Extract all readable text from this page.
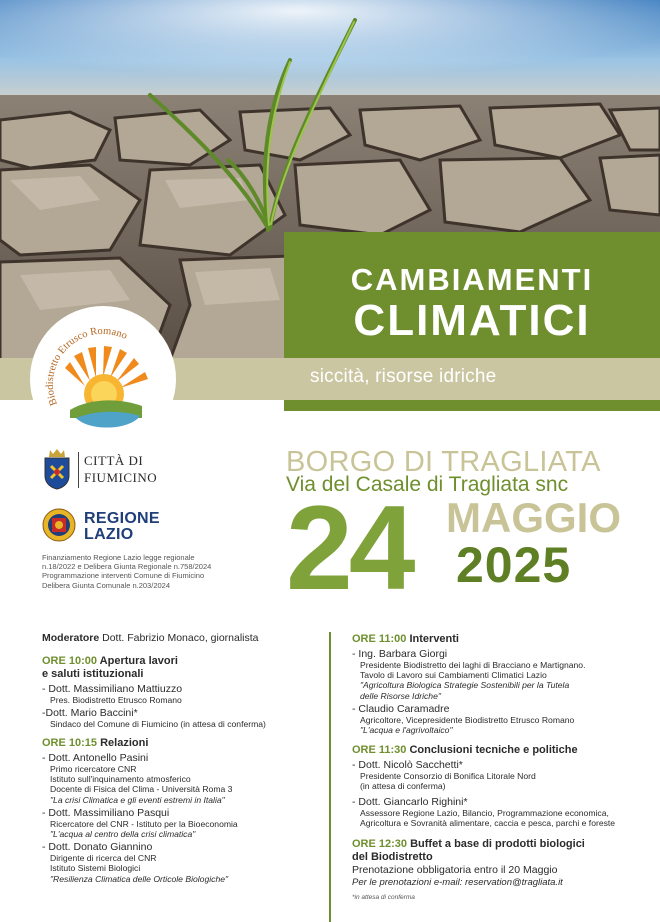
CAMBIAMENTI
CLIMATICI
siccità, risorse idriche
Biodistretto Etrusco Romano
CITTÀ DI
FIUMICINO
REGIONE
LAZIO
Finanziamento Regione Lazio legge regionale
n.18/2022 e Delibera Giunta Regionale n.758/2024
Programmazione interventi Comune di Fiumicino
Delibera Giunta Comunale n.203/2024
BORGO DI TRAGLIATA
Via del Casale di Tragliata snc
24 MAGGIO
2025
Moderatore Dott. Fabrizio Monaco, giornalista
ORE 10:00 Apertura lavori
e saluti istituzionali
- Dott. Massimiliano Mattiuzzo
Pres. Biodistretto Etrusco Romano
-Dott. Mario Baccini*
Sindaco del Comune di Fiumicino (in attesa di conferma)
ORE 10:15 Relazioni
- Dott. Antonello Pasini
Primo ricercatore CNR
Istituto sull'inquinamento atmosferico
Docente di Fisica del Clima - Università Roma 3
"La crisi Climatica e gli eventi estremi in Italia"
- Dott. Massimiliano Pasqui
Ricercatore del CNR - Istituto per la Bioeconomia
"L'acqua al centro della crisi climatica"
- Dott. Donato Giannino
Dirigente di ricerca del CNR
Istituto Sistemi Biologici
"Resilienza Climatica delle Orticole Biologiche"
ORE 11:00 Interventi
- Ing. Barbara Giorgi
Presidente Biodistretto dei laghi di Bracciano e Martignano.
Tavolo di Lavoro sui Cambiamenti Climatici Lazio
"Agricoltura Biologica Strategie Sostenibili per la Tutela
delle Risorse Idriche"
- Claudio Caramadre
Agricoltore, Vicepresidente Biodistretto Etrusco Romano
"L'acqua e l'agrivoltaico"
ORE 11:30 Conclusioni tecniche e politiche
- Dott. Nicolò Sacchetti*
Presidente Consorzio di Bonifica Litorale Nord
(in attesa di conferma)
- Dott. Giancarlo Righini*
Assessore Regione Lazio, Bilancio, Programmazione economica,
Agricoltura e Sovranità alimentare, caccia e pesca, parchi e foreste
ORE 12:30 Buffet a base di prodotti biologici
del Biodistretto
Prenotazione obbligatoria entro il 20 Maggio
Per le prenotazioni e-mail: reservation@tragliata.it
*in attesa di conferma
